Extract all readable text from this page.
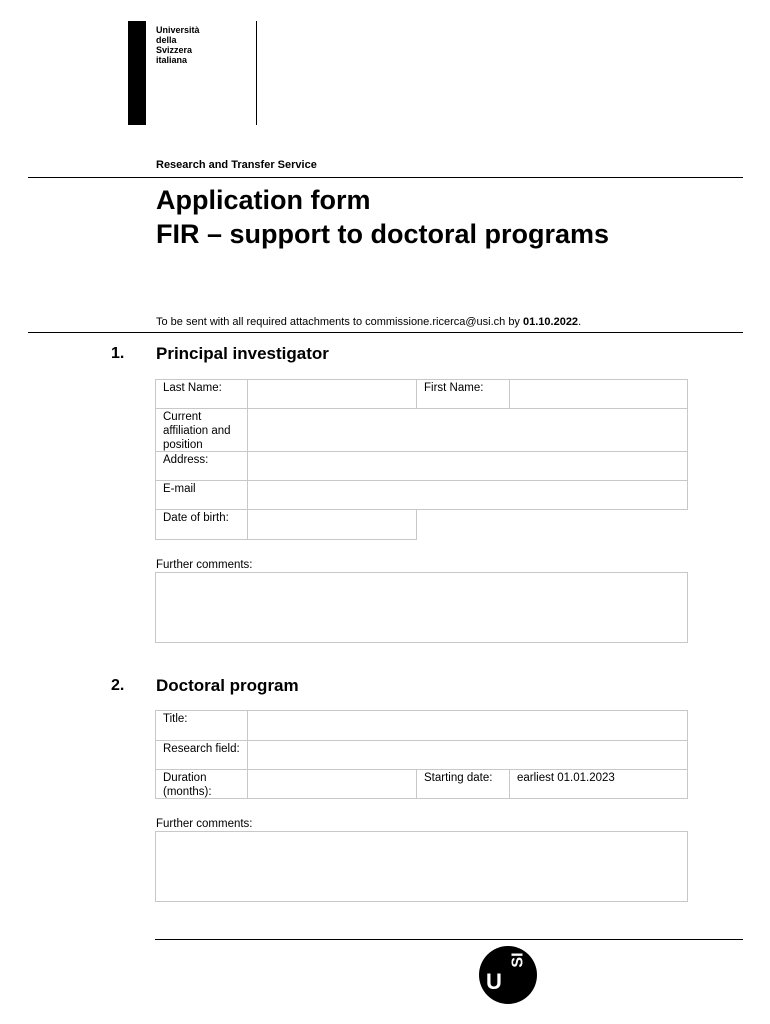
Università
della
Svizzera
italiana
Research and Transfer Service
Application form
FIR – support to doctoral programs
To be sent with all required attachments to commissione.ricerca@usi.ch by 01.10.2022.
1. Principal investigator
Last Name:	First Name:
Current affiliation and position
Address:
E-mail
Date of birth:
Further comments:
2. Doctoral program
Title:
Research field:
Duration (months):
Starting date:	earliest 01.01.2023
Further comments:
U
SI
